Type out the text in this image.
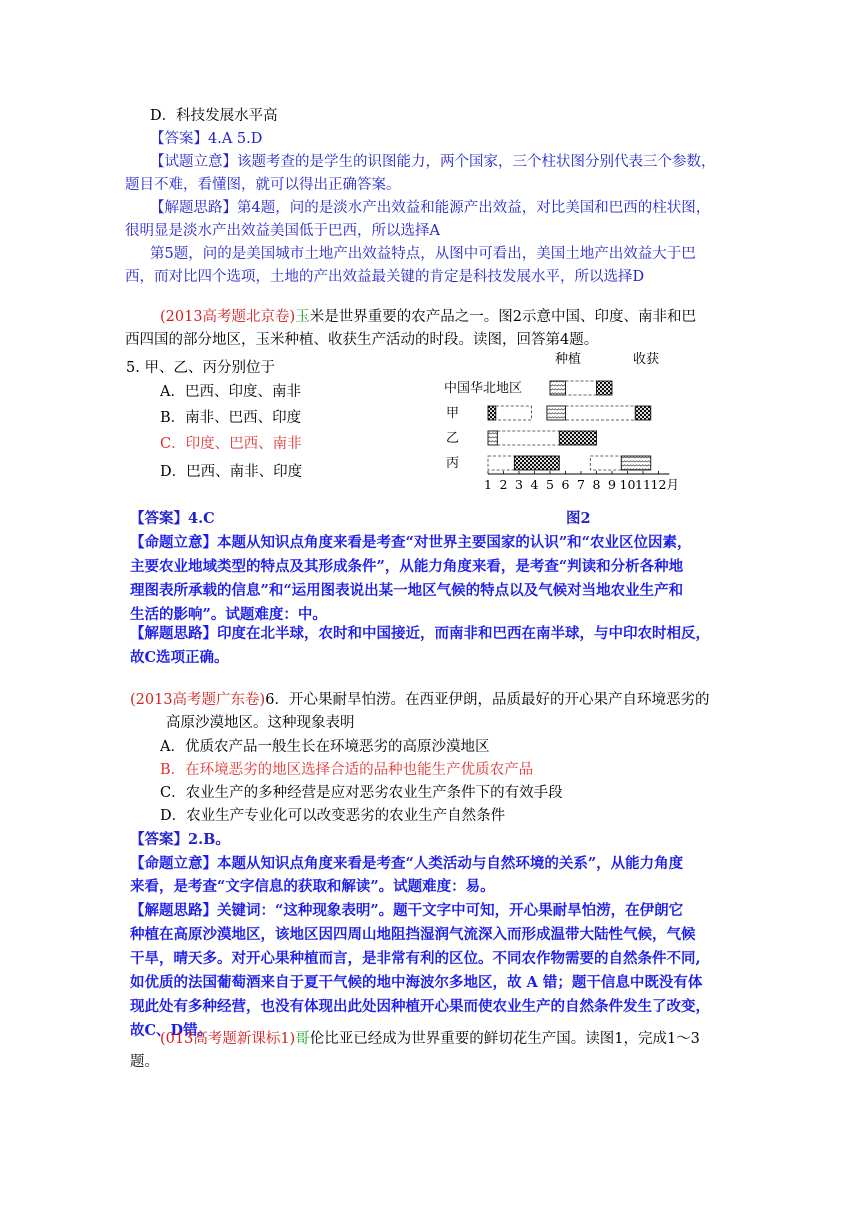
D．科技发展水平高
【答案】4.A 5.D
【试题立意】该题考查的是学生的识图能力，两个国家，三个柱状图分别代表三个参数，
题目不难，看懂图，就可以得出正确答案。
【解题思路】第4题，问的是淡水产出效益和能源产出效益，对比美国和巴西的柱状图，
很明显是淡水产出效益美国低于巴西，所以选择A
第5题，问的是美国城市土地产出效益特点，从图中可看出，美国土地产出效益大于巴
西，而对比四个选项，土地的产出效益最关键的肯定是科技发展水平，所以选择D
(2013高考题北京卷)玉米是世界重要的农产品之一。图2示意中国、印度、南非和巴
西四国的部分地区，玉米种植、收获生产活动的时段。读图，回答第4题。
5. 甲、乙、丙分别位于
A．巴西、印度、南非
B．南非、巴西、印度
C．印度、巴西、南非
D．巴西、南非、印度
种植	收获
中国华北地区
甲
乙
丙
1 2 3 4 5 6 7 8 9 10 11 12 月
【答案】4.C	图2
【命题立意】本题从知识点角度来看是考查“对世界主要国家的认识”和“农业区位因素，
主要农业地域类型的特点及其形成条件”，从能力角度来看，是考查“判读和分析各种地
理图表所承载的信息”和“运用图表说出某一地区气候的特点以及气候对当地农业生产和
生活的影响”。试题难度：中。
【解题思路】印度在北半球，农时和中国接近，而南非和巴西在南半球，与中印农时相反，
故C选项正确。
(2013高考题广东卷)6．开心果耐旱怕涝。在西亚伊朗，品质最好的开心果产自环境恶劣的
高原沙漠地区。这种现象表明
A．优质农产品一般生长在环境恶劣的高原沙漠地区
B．在环境恶劣的地区选择合适的品种也能生产优质农产品
C．农业生产的多种经营是应对恶劣农业生产条件下的有效手段
D．农业生产专业化可以改变恶劣的农业生产自然条件
【答案】2.B。
【命题立意】本题从知识点角度来看是考查“人类活动与自然环境的关系”，从能力角度
来看，是考查“文字信息的获取和解读”。试题难度：易。
【解题思路】关键词：“这种现象表明”。题干文字中可知，开心果耐旱怕涝，在伊朗它
种植在高原沙漠地区，该地区因四周山地阻挡湿润气流深入而形成温带大陆性气候，气候
干旱，晴天多。对开心果种植而言，是非常有利的区位。不同农作物需要的自然条件不同,
如优质的法国葡萄酒来自于夏干气候的地中海波尔多地区，故 A 错；题干信息中既没有体
现此处有多种经营，也没有体现出此处因种植开心果而使农业生产的自然条件发生了改变，
故C、D错。
(013高考题新课标1)哥伦比亚已经成为世界重要的鲜切花生产国。读图1，完成1～3
题。
